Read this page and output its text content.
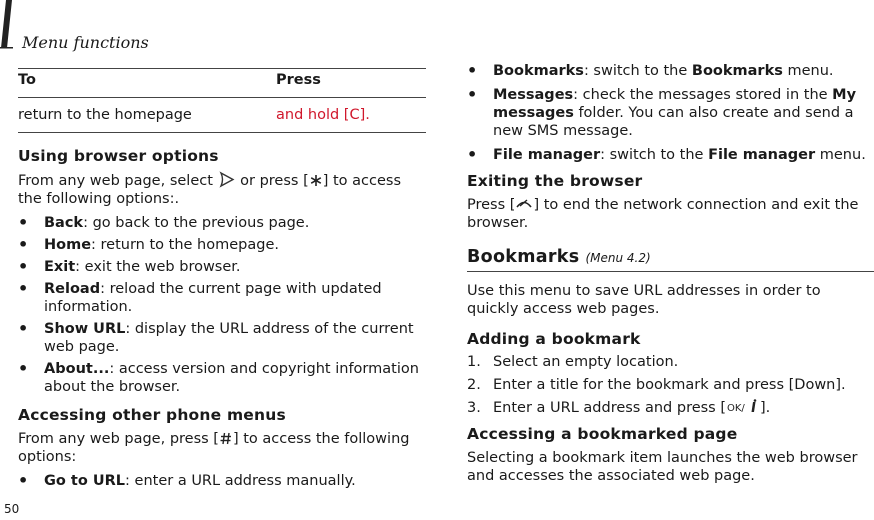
Menu functions
To	Press
return to the homepage	and hold [C].
Using browser options

From any web page, select or press [ ] to access the following options:.

• Back: go back to the previous page.
• Home: return to the homepage.
• Exit: exit the web browser.
• Reload: reload the current page with updated information.
• Show URL: display the URL address of the current web page.
• About...: access version and copyright information about the browser.
Accessing other phone menus

From any web page, press [ ] to access the following options:

• Go to URL: enter a URL address manually.
• Bookmarks: switch to the Bookmarks menu.
• Messages: check the messages stored in the My messages folder. You can also create and send a new SMS message.
• File manager: switch to the File manager menu.
Exiting the browser

Press [ ] to end the network connection and exit the browser.

Bookmarks (Menu 4.2)

Use this menu to save URL addresses in order to quickly access web pages.

Adding a bookmark
1. Select an empty location.
2. Enter a title for the bookmark and press [Down].
3. Enter a URL address and press [ OK/ ].
Accessing a bookmarked page

Selecting a bookmark item launches the web browser and accesses the associated web page.

50
